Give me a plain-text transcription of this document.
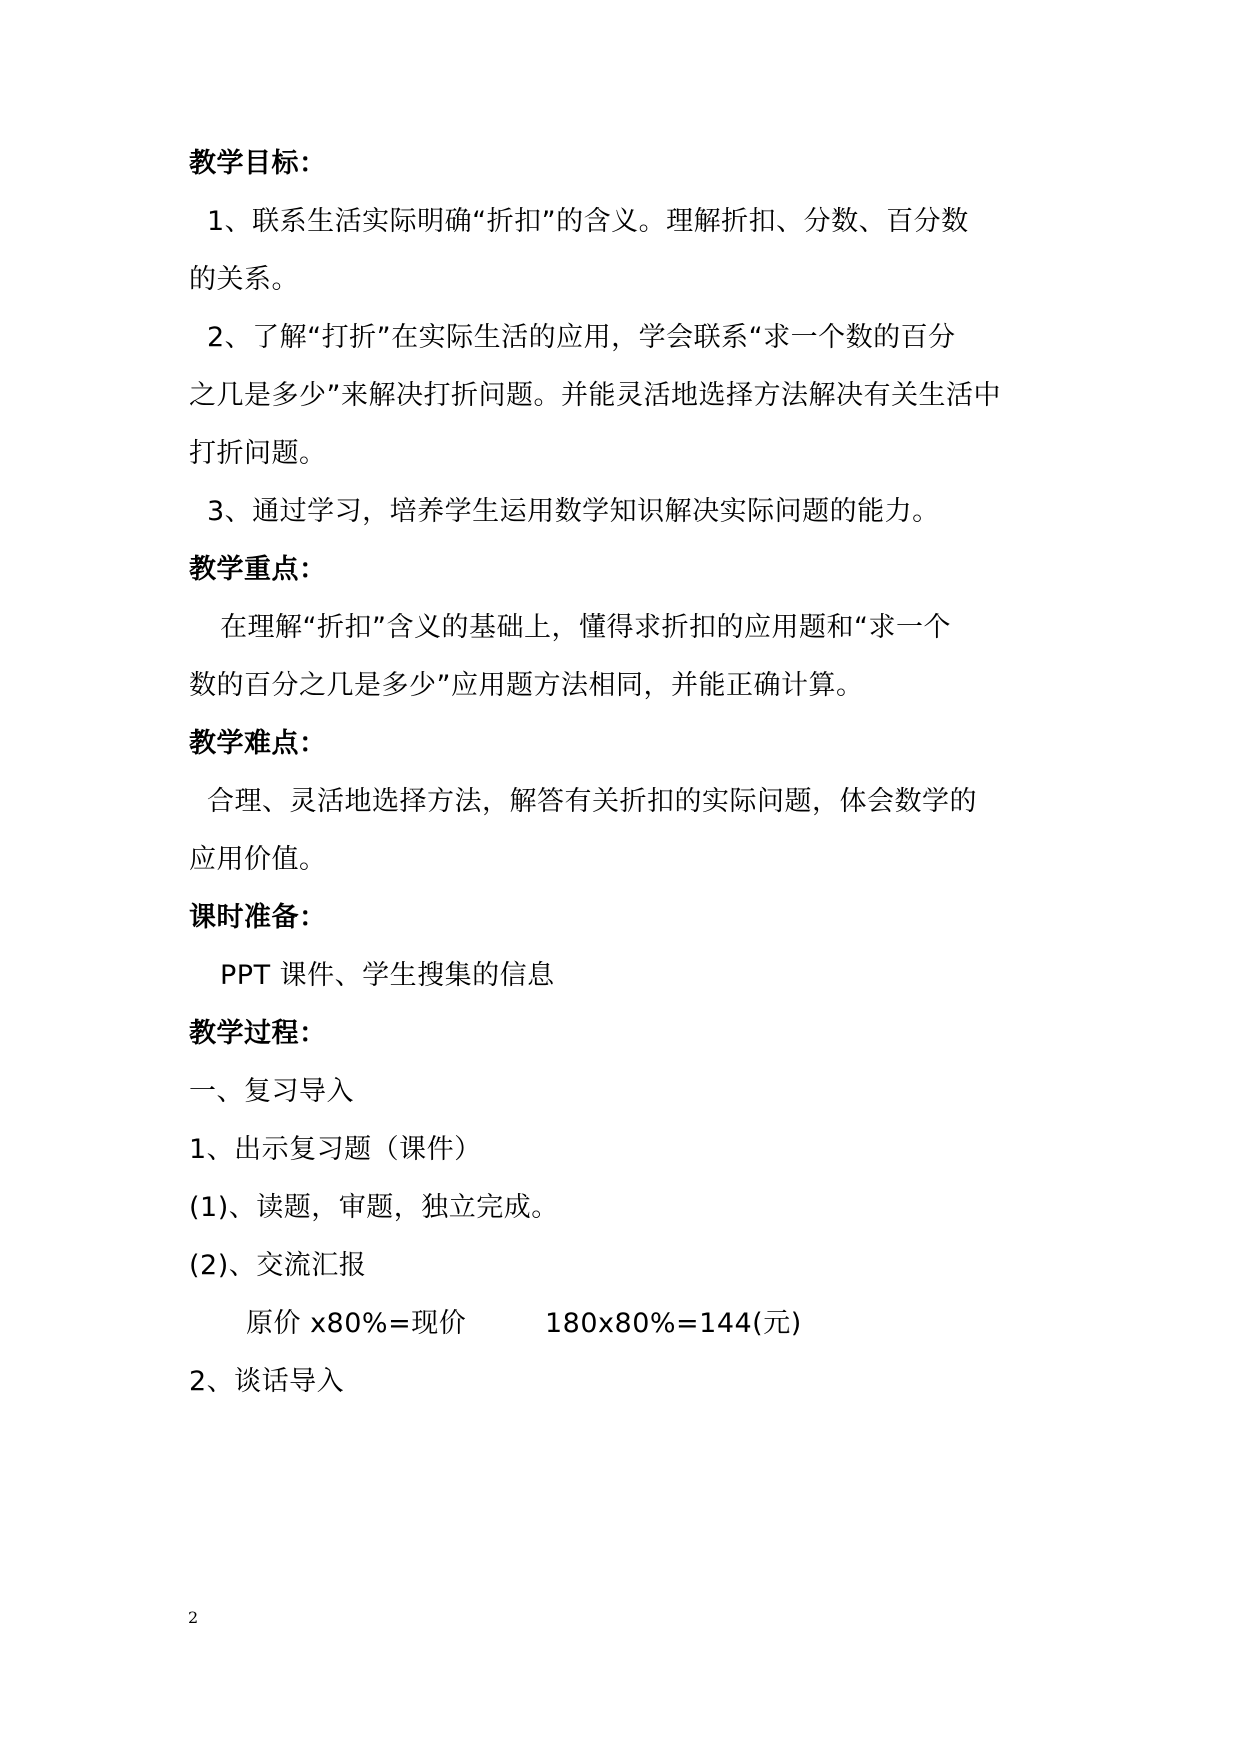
教学目标：
1、联系生活实际明确“折扣”的含义。理解折扣、分数、百分数
的关系。
2、了解“打折”在实际生活的应用，学会联系“求一个数的百分
之几是多少”来解决打折问题。并能灵活地选择方法解决有关生活中
打折问题。
3、通过学习，培养学生运用数学知识解决实际问题的能力。
教学重点：
在理解“折扣”含义的基础上，懂得求折扣的应用题和“求一个
数的百分之几是多少”应用题方法相同，并能正确计算。
教学难点：
合理、灵活地选择方法，解答有关折扣的实际问题，体会数学的
应用价值。
课时准备：
PPT 课件、学生搜集的信息
教学过程：
一、复习导入
1、出示复习题（课件）
(1)、读题，审题，独立完成。
(2)、交流汇报
原价 x80%=现价	180x80%=144(元)
2、谈话导入
2
